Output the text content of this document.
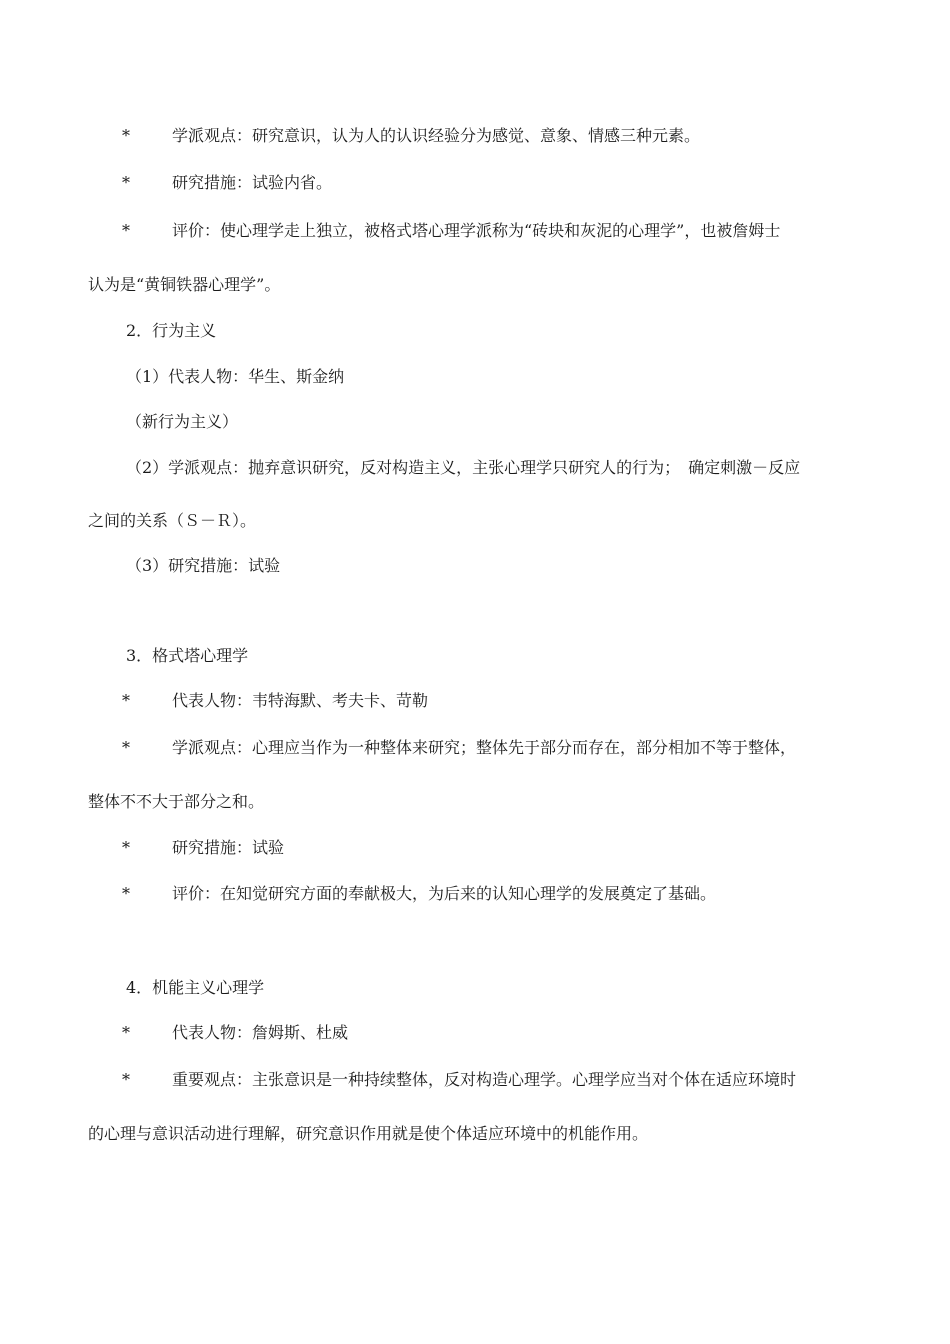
*	学派观点：研究意识，认为人的认识经验分为感觉、意象、情感三种元素。
*	研究措施：试验内省。
*	评价：使心理学走上独立，被格式塔心理学派称为“砖块和灰泥的心理学”，也被詹姆士
认为是“黄铜铁器心理学”。
2．行为主义
（1）代表人物：华生、斯金纳
（新行为主义）
（2）学派观点：抛弃意识研究，反对构造主义，主张心理学只研究人的行为；　确定刺激－反应
之间的关系（Ｓ－Ｒ）。
（3）研究措施：试验
3．格式塔心理学
*	代表人物：韦特海默、考夫卡、苛勒
*	学派观点：心理应当作为一种整体来研究；整体先于部分而存在，部分相加不等于整体，
整体不不大于部分之和。
*	研究措施：试验
*	评价：在知觉研究方面的奉献极大，为后来的认知心理学的发展奠定了基础。
4．机能主义心理学
*	代表人物：詹姆斯、杜威
*	重要观点：主张意识是一种持续整体，反对构造心理学。心理学应当对个体在适应环境时
的心理与意识活动进行理解，研究意识作用就是使个体适应环境中的机能作用。
